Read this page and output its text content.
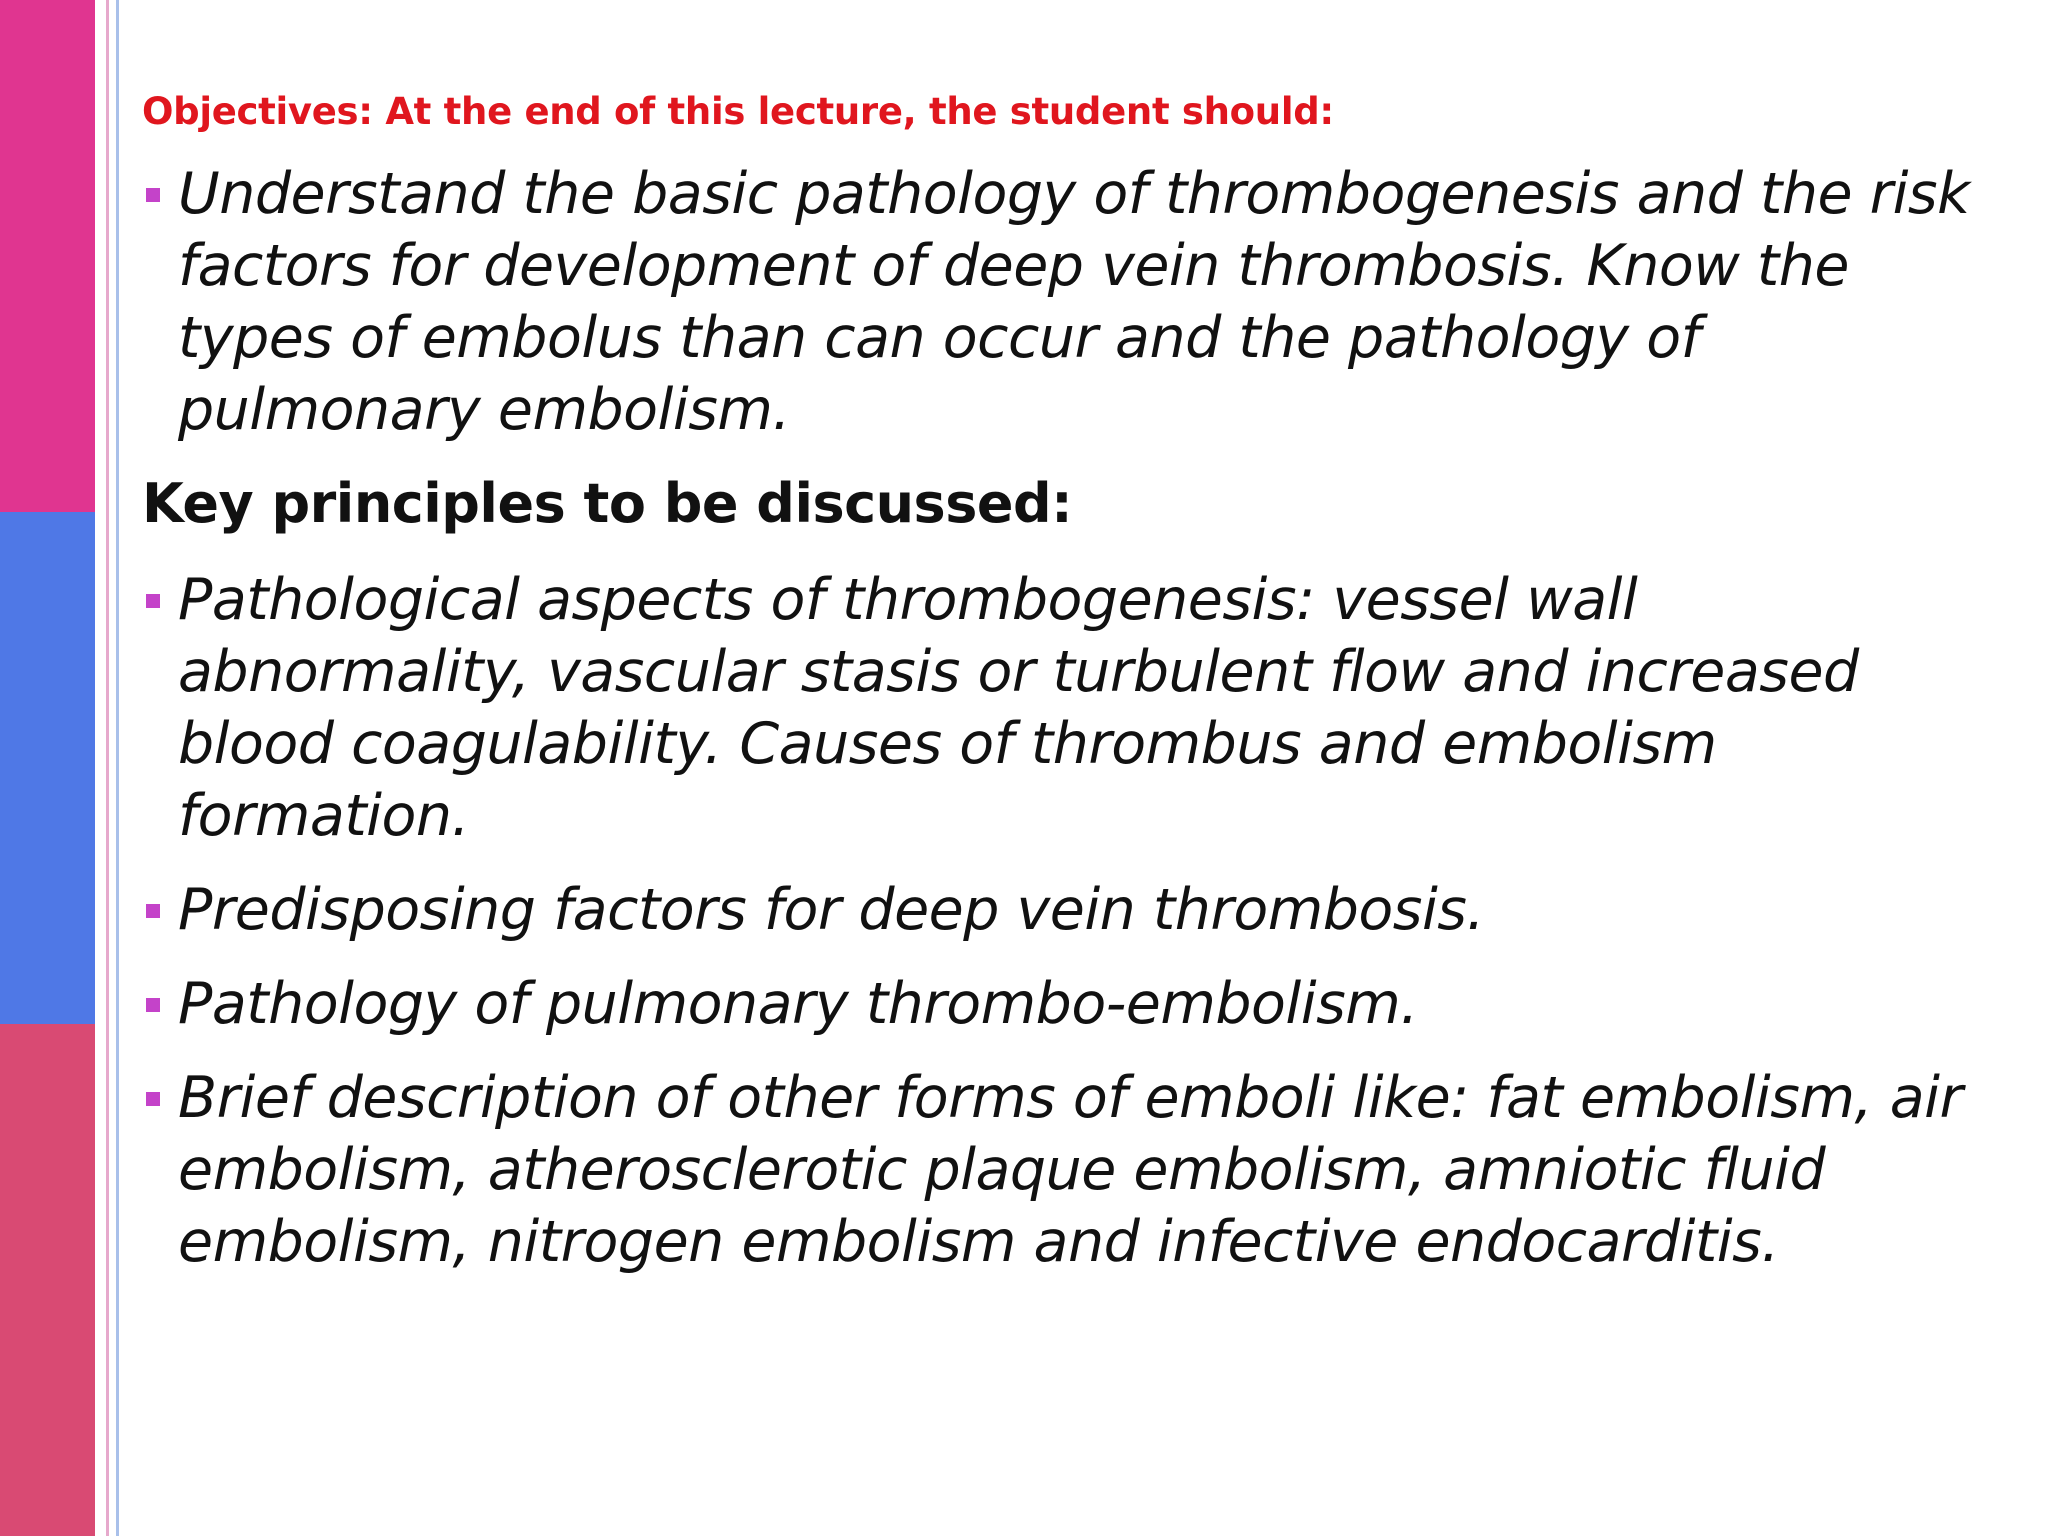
Objectives: At the end of this lecture, the student should:
Understand the basic pathology of thrombogenesis and the risk factors for development of deep vein thrombosis. Know the types of embolus than can occur and the pathology of pulmonary embolism.
Key principles to be discussed:
Pathological aspects of thrombogenesis: vessel wall abnormality, vascular stasis or turbulent flow and increased blood coagulability. Causes of thrombus and embolism formation.
Predisposing factors for deep vein thrombosis.
Pathology of pulmonary thrombo-embolism.
Brief description of other forms of emboli like: fat embolism, air embolism, atherosclerotic plaque embolism, amniotic fluid embolism, nitrogen embolism and infective endocarditis.
